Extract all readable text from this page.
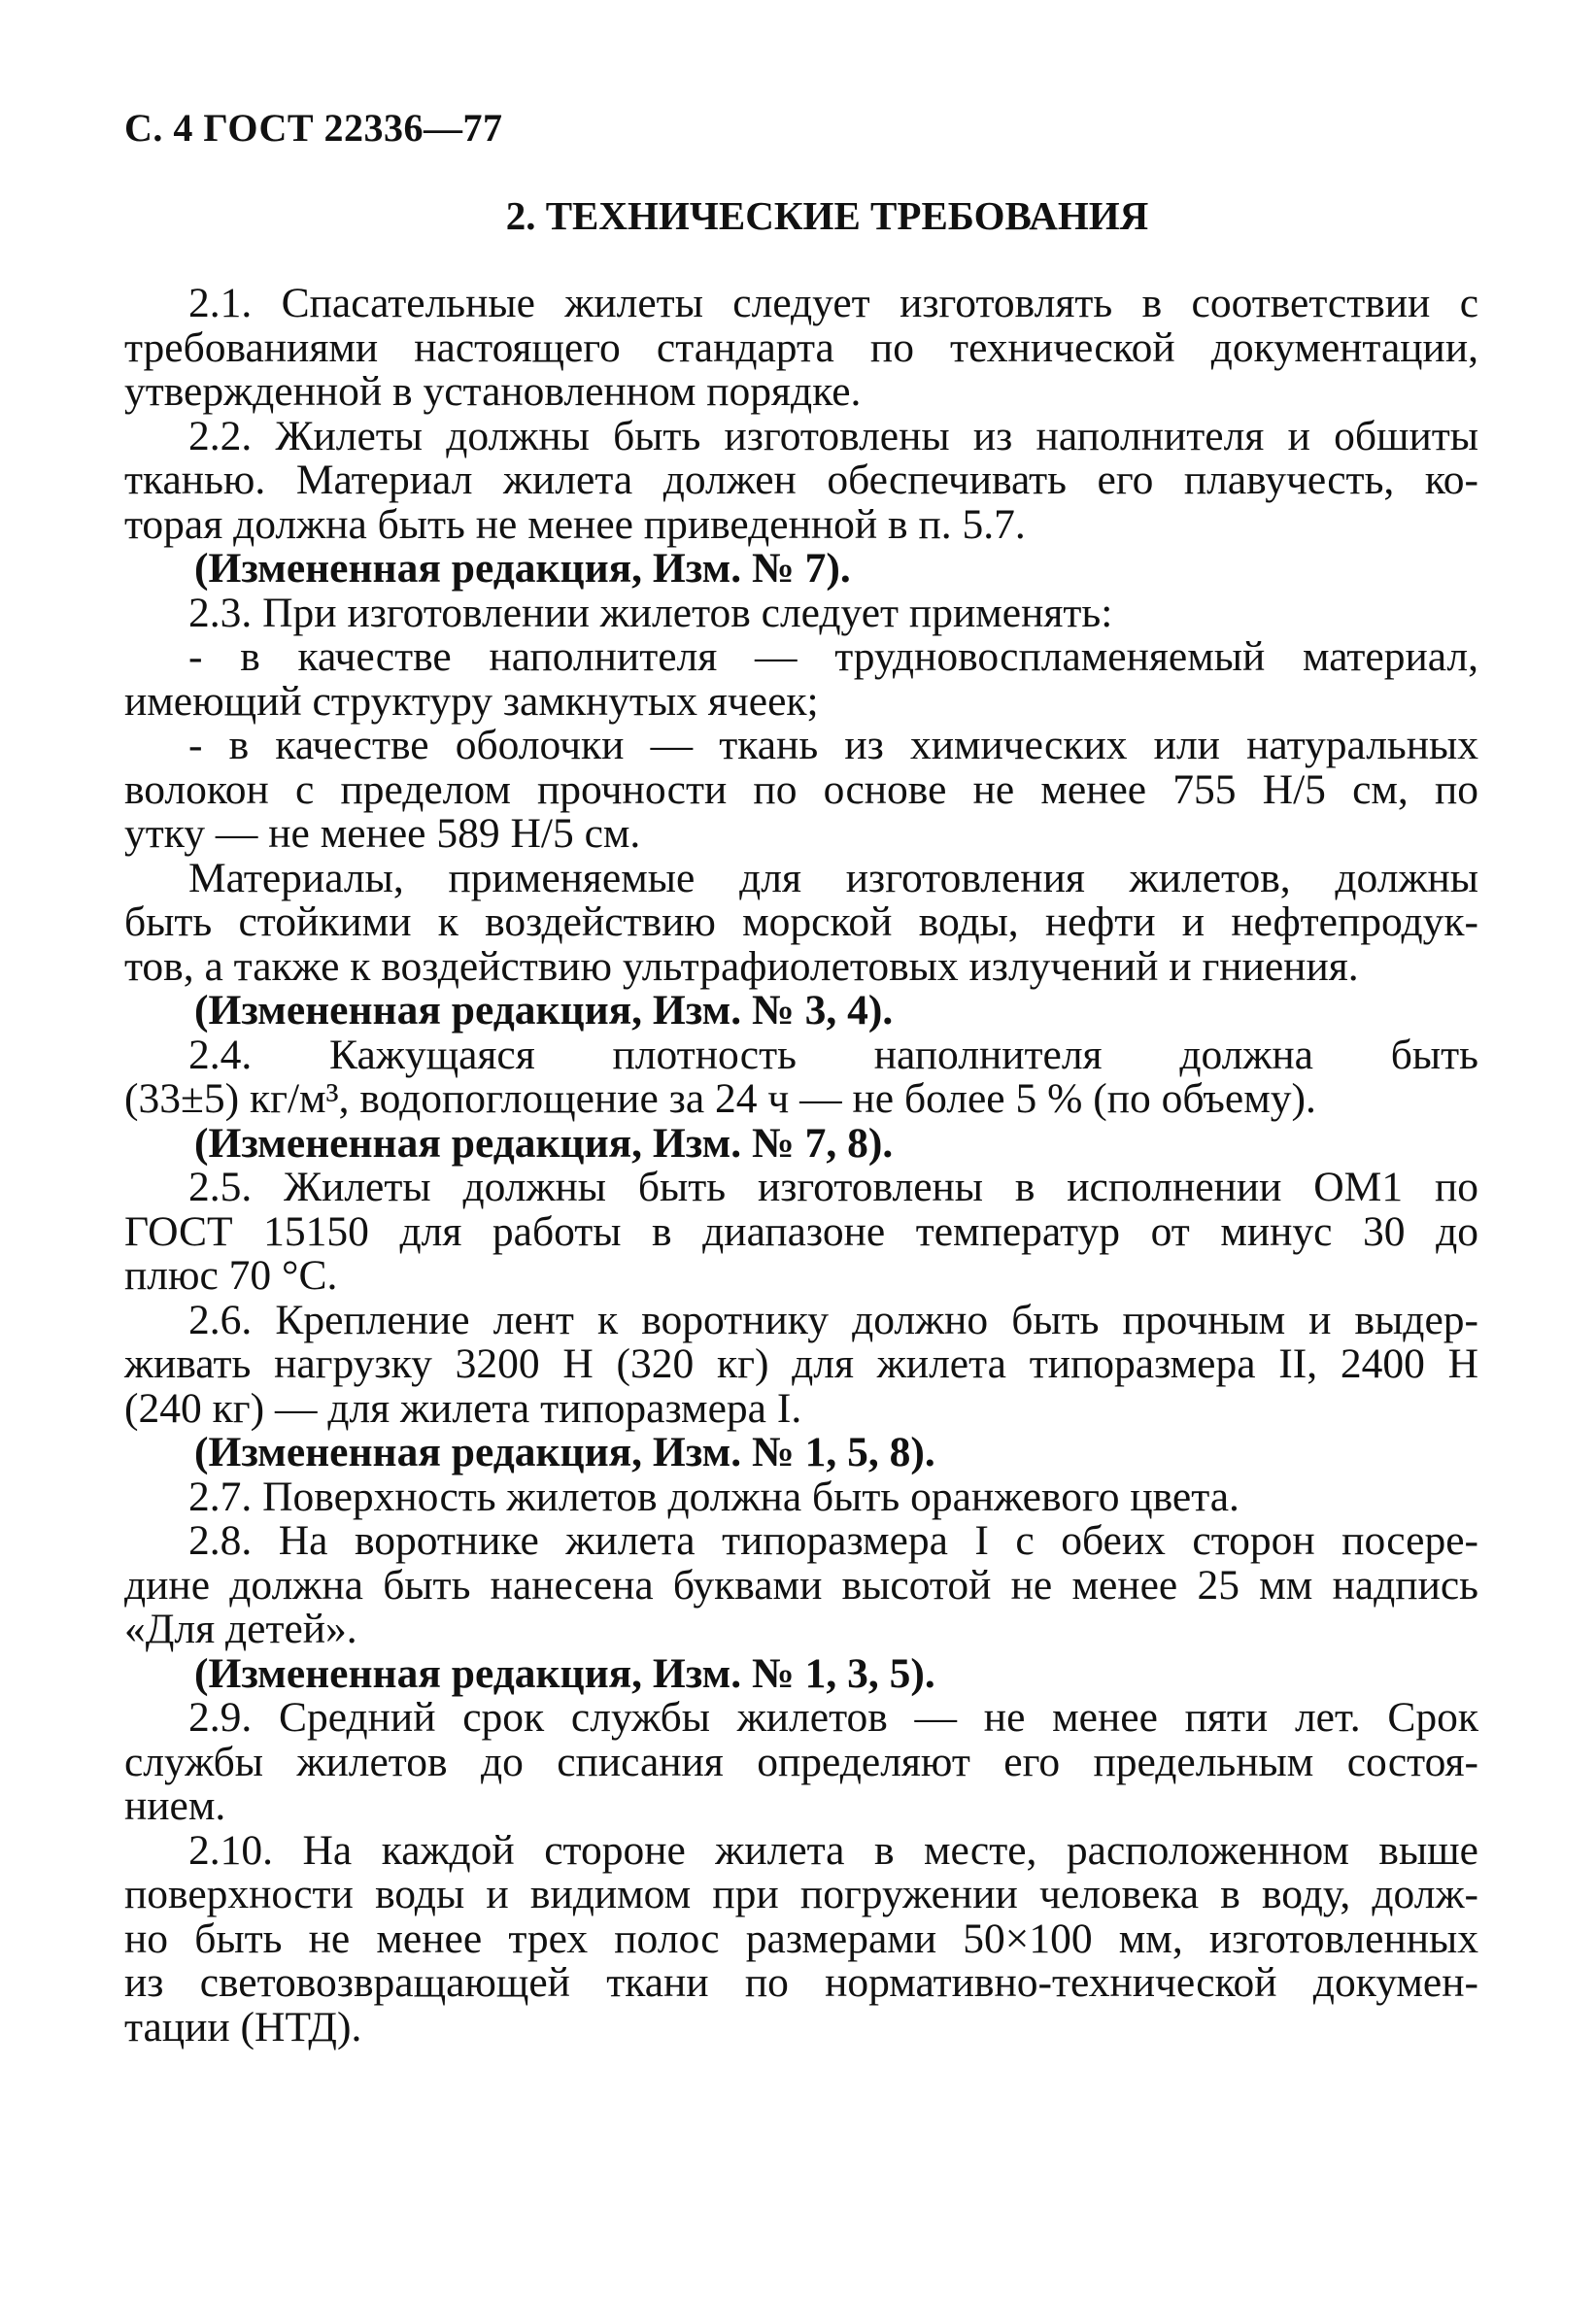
С. 4 ГОСТ 22336—77
2. ТЕХНИЧЕСКИЕ ТРЕБОВАНИЯ
2.1. Спасательные жилеты следует изготовлять в соответствии с
требованиями настоящего стандарта по технической документации,
утвержденной в установленном порядке.
2.2. Жилеты должны быть изготовлены из наполнителя и обшиты
тканью. Материал жилета должен обеспечивать его плавучесть, ко-
торая должна быть не менее приведенной в п. 5.7.
(Измененная редакция, Изм. № 7).
2.3. При изготовлении жилетов следует применять:
- в качестве наполнителя — трудновоспламеняемый материал,
имеющий структуру замкнутых ячеек;
- в качестве оболочки — ткань из химических или натуральных
волокон с пределом прочности по основе не менее 755 Н/5 см, по
утку — не менее 589 Н/5 см.
Материалы, применяемые для изготовления жилетов, должны
быть стойкими к воздействию морской воды, нефти и нефтепродук-
тов, а также к воздействию ультрафиолетовых излучений и гниения.
(Измененная редакция, Изм. № 3, 4).
2.4. Кажущаяся плотность наполнителя должна быть
(33±5) кг/м³, водопоглощение за 24 ч — не более 5 % (по объему).
(Измененная редакция, Изм. № 7, 8).
2.5. Жилеты должны быть изготовлены в исполнении ОМ1 по
ГОСТ 15150 для работы в диапазоне температур от минус 30 до
плюс 70 °С.
2.6. Крепление лент к воротнику должно быть прочным и выдер-
живать нагрузку 3200 Н (320 кг) для жилета типоразмера II, 2400 Н
(240 кг) — для жилета типоразмера I.
(Измененная редакция, Изм. № 1, 5, 8).
2.7. Поверхность жилетов должна быть оранжевого цвета.
2.8. На воротнике жилета типоразмера I с обеих сторон посере-
дине должна быть нанесена буквами высотой не менее 25 мм надпись
«Для детей».
(Измененная редакция, Изм. № 1, 3, 5).
2.9. Средний срок службы жилетов — не менее пяти лет. Срок
службы жилетов до списания определяют его предельным состоя-
нием.
2.10. На каждой стороне жилета в месте, расположенном выше
поверхности воды и видимом при погружении человека в воду, долж-
но быть не менее трех полос размерами 50×100 мм, изготовленных
из световозвращающей ткани по нормативно-технической докумен-
тации (НТД).
